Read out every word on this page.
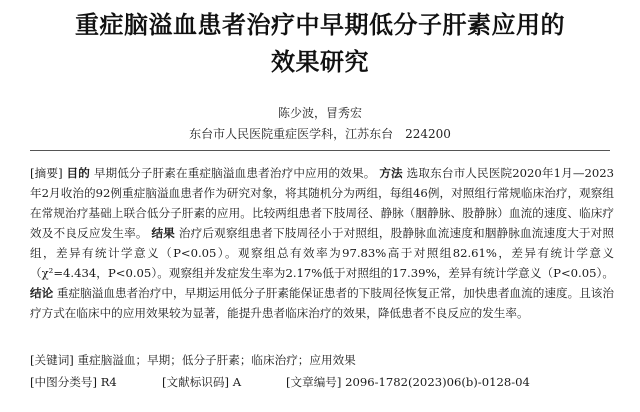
重症脑溢血患者治疗中早期低分子肝素应用的
效果研究
陈少波，冒秀宏
东台市人民医院重症医学科，江苏东台　224200
[摘要] 目的 早期低分子肝素在重症脑溢血患者治疗中应用的效果。 方法 选取东台市人民医院2020年1月—2023年2月收治的92例重症脑溢血患者作为研究对象，将其随机分为两组，每组46例，对照组行常规临床治疗，观察组在常规治疗基础上联合低分子肝素的应用。比较两组患者下肢周径、静脉（胭静脉、股静脉）血流的速度、临床疗效及不良反应发生率。 结果 治疗后观察组患者下肢周径小于对照组，股静脉血流速度和胭静脉血流速度大于对照组，差异有统计学意义（P<0.05）。观察组总有效率为97.83%高于对照组82.61%，差异有统计学意义（χ²=4.434，P<0.05）。观察组并发症发生率为2.17%低于对照组的17.39%，差异有统计学意义（P<0.05）。 结论 重症脑溢血患者治疗中，早期运用低分子肝素能保证患者的下肢周径恢复正常，加快患者血流的速度。且该治疗方式在临床中的应用效果较为显著，能提升患者临床治疗的效果，降低患者不良反应的发生率。
[关键词] 重症脑溢血；早期；低分子肝素；临床治疗；应用效果
[中图分类号] R4	[文献标识码] A	[文章编号] 2096-1782(2023)06(b)-0128-04
